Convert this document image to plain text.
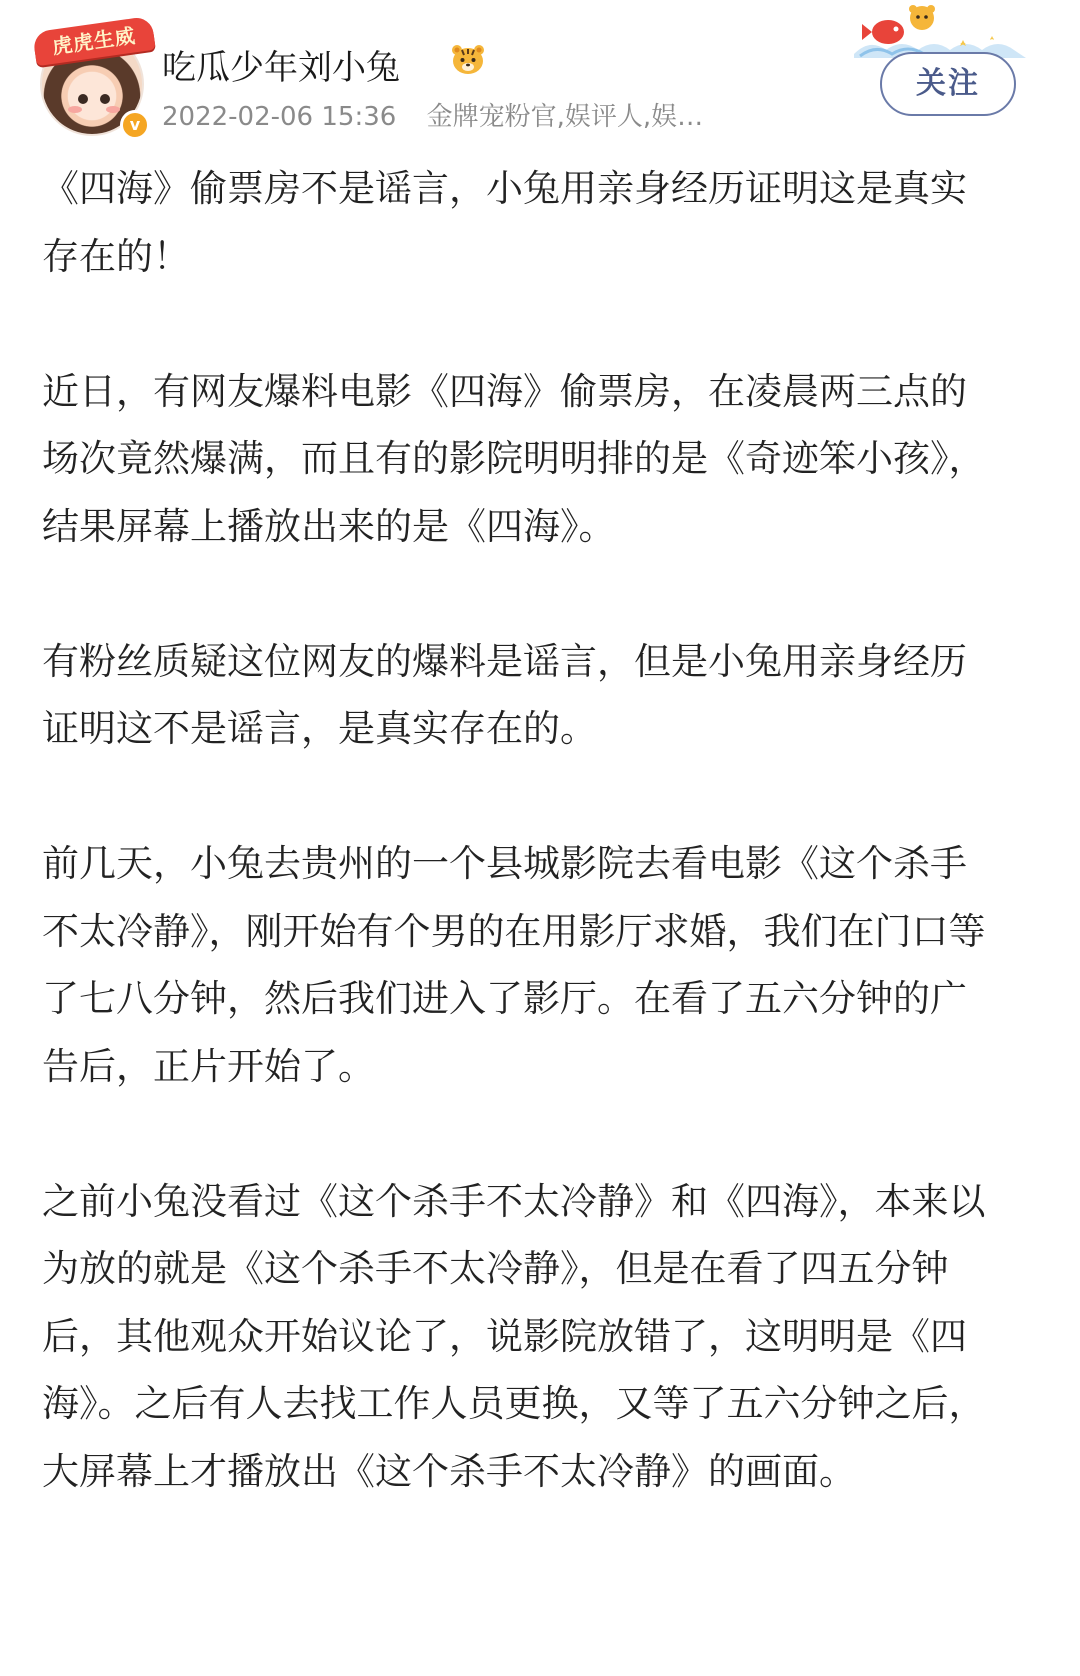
虎虎生威
v
吃瓜少年刘小兔
2022-02-06 15:36 金牌宠粉官,娱评人,娱…
关注

《四海》偷票房不是谣言，小兔用亲身经历证明这是真实存在的！

近日，有网友爆料电影《四海》偷票房，在凌晨两三点的场次竟然爆满，而且有的影院明明排的是《奇迹笨小孩》，结果屏幕上播放出来的是《四海》。

有粉丝质疑这位网友的爆料是谣言，但是小兔用亲身经历证明这不是谣言，是真实存在的。

前几天，小兔去贵州的一个县城影院去看电影《这个杀手不太冷静》，刚开始有个男的在用影厅求婚，我们在门口等了七八分钟，然后我们进入了影厅。在看了五六分钟的广告后，正片开始了。

之前小兔没看过《这个杀手不太冷静》和《四海》，本来以为放的就是《这个杀手不太冷静》，但是在看了四五分钟后，其他观众开始议论了，说影院放错了，这明明是《四海》。之后有人去找工作人员更换，又等了五六分钟之后，大屏幕上才播放出《这个杀手不太冷静》的画面。
